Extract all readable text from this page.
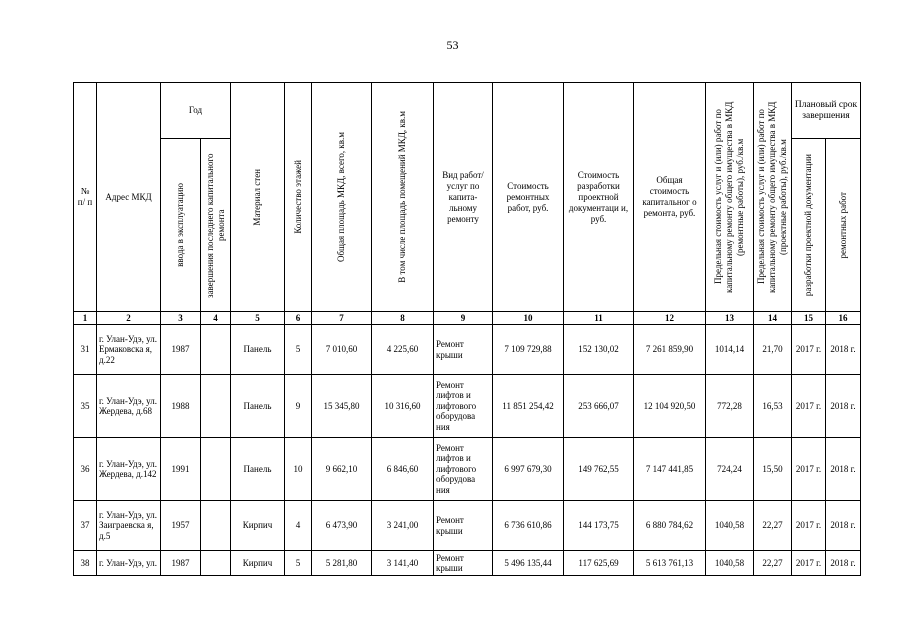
53
№ п/ п	Адрес МКД	Год		Материал стен	Количество этажей	Общая площадь МКД, всего, кв.м	В том числе площадь помещений МКД, кв.м	Вид работ/ услуг по капита- льному ремонту	Стоимость ремонтных работ, руб.	Стоимость разработки проектной документаци и, руб.	Общая стоимость капитальног о ремонта, руб.	Предельная стоимость услуг и (или) работ по капитальному ремонту общего имущества в МКД (ремонтные работы), руб./кв.м	Предельная стоимость услуг и (или) работ по капитальному ремонту общего имущества в МКД (проектные работы), руб./кв.м	Плановый срок завершения	

		ввода в эксплуатацию	завершения последнего капитального ремонта											разработки проектной документации	ремонтных работ

1	2	3	4	5	6	7	8	9	10	11	12	13	14	15	16
31	г. Улан-Удэ, ул. Ермаковска я, д.22	1987		Панель	5	7 010,60	4 225,60	Ремонт крыши	7 109 729,88	152 130,02	7 261 859,90	1014,14	21,70	2017 г.	2018 г.
35	г. Улан-Удэ, ул. Жердева, д.68	1988		Панель	9	15 345,80	10 316,60	Ремонт лифтов и лифтового оборудова ния	11 851 254,42	253 666,07	12 104 920,50	772,28	16,53	2017 г.	2018 г.
36	г. Улан-Удэ, ул. Жердева, д.142	1991		Панель	10	9 662,10	6 846,60	Ремонт лифтов и лифтового оборудова ния	6 997 679,30	149 762,55	7 147 441,85	724,24	15,50	2017 г.	2018 г.
37	г. Улан-Удэ, ул. Заиграевска я, д.5	1957		Кирпич	4	6 473,90	3 241,00	Ремонт крыши	6 736 610,86	144 173,75	6 880 784,62	1040,58	22,27	2017 г.	2018 г.
38	г. Улан-Удэ, ул.	1987		Кирпич	5	5 281,80	3 141,40	Ремонт крыши	5 496 135,44	117 625,69	5 613 761,13	1040,58	22,27	2017 г.	2018 г.
